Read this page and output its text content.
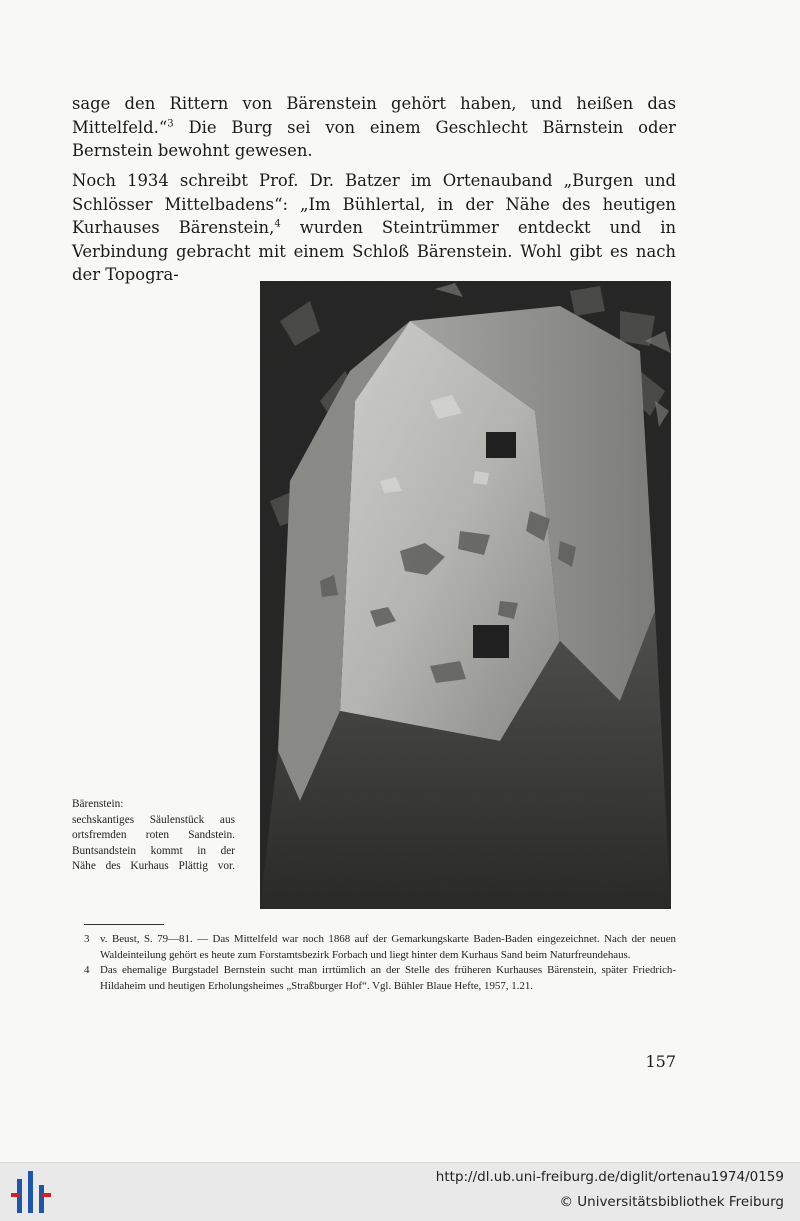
sage den Rittern von Bärenstein gehört haben, und heißen das Mittelfeld.“$^3$ Die Burg sei von einem Geschlecht Bärnstein oder Bernstein bewohnt gewesen.

Noch 1934 schreibt Prof. Dr. Batzer im Ortenauband „Burgen und Schlösser Mittelbadens“: „Im Bühlertal, in der Nähe des heutigen Kurhauses Bärenstein,$^4$ wurden Steintrümmer entdeckt und in Verbindung gebracht mit einem Schloß Bärenstein. Wohl gibt es nach der Topogra-

Bärenstein:
sechskantiges Säulenstück aus
ortsfremden roten Sandstein.
Buntsandstein kommt in der
Nähe des Kurhaus Plättig vor.
3 v. Beust, S. 79—81. — Das Mittelfeld war noch 1868 auf der Gemarkungskarte Baden-Baden eingezeichnet. Nach der neuen Waldeinteilung gehört es heute zum Forstamtsbezirk Forbach und liegt hinter dem Kurhaus Sand beim Naturfreundehaus.
4 Das ehemalige Burgstadel Bernstein sucht man irrtümlich an der Stelle des früheren Kurhauses Bärenstein, später Friedrich-Hildaheim und heutigen Erholungsheimes „Straßburger Hof“. Vgl. Bühler Blaue Hefte, 1957, 1.21.
157
http://dl.ub.uni-freiburg.de/diglit/ortenau1974/0159
© Universitätsbibliothek Freiburg
